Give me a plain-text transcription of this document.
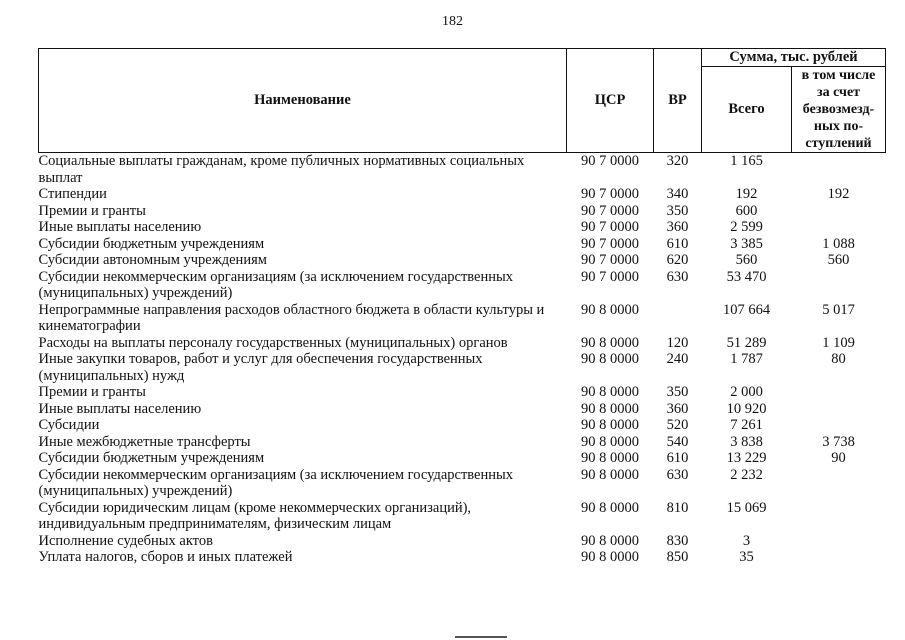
182
Наименование	ЦСР	ВР	Сумма, тыс. рублей	
			Всего	в том числе за счет безвозмезд-ных по-ступлений
Социальные выплаты гражданам, кроме публичных нормативных социальных выплат	90 7 0000	320	1 165	
Стипендии	90 7 0000	340	192	192
Премии и гранты	90 7 0000	350	600	
Иные выплаты населению	90 7 0000	360	2 599	
Субсидии бюджетным учреждениям	90 7 0000	610	3 385	1 088
Субсидии автономным учреждениям	90 7 0000	620	560	560
Субсидии некоммерческим организациям (за исключением государственных (муниципальных) учреждений)	90 7 0000	630	53 470	
Непрограммные направления расходов областного бюджета в области культуры и кинематографии	90 8 0000		107 664	5 017
Расходы на выплаты персоналу государственных (муниципальных) органов	90 8 0000	120	51 289	1 109
Иные закупки товаров, работ и услуг для обеспечения государственных (муниципальных) нужд	90 8 0000	240	1 787	80
Премии и гранты	90 8 0000	350	2 000	
Иные выплаты населению	90 8 0000	360	10 920	
Субсидии	90 8 0000	520	7 261	
Иные межбюджетные трансферты	90 8 0000	540	3 838	3 738
Субсидии бюджетным учреждениям	90 8 0000	610	13 229	90
Субсидии некоммерческим организациям (за исключением государственных (муниципальных) учреждений)	90 8 0000	630	2 232	
Субсидии юридическим лицам (кроме некоммерческих организаций), индивидуальным предпринимателям, физическим лицам	90 8 0000	810	15 069	
Исполнение судебных актов	90 8 0000	830	3	
Уплата налогов, сборов и иных платежей	90 8 0000	850	35	
